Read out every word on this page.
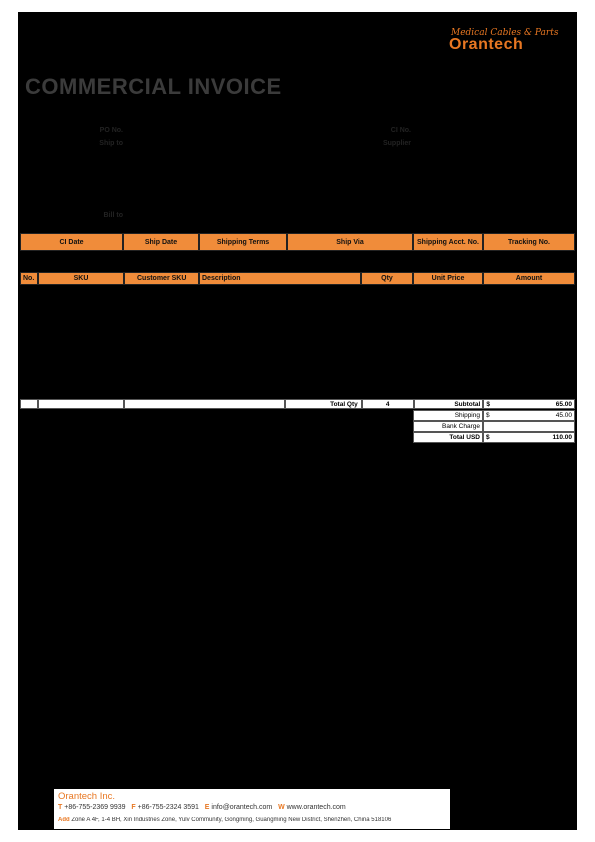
Medical Cables & Parts
Orantech
COMMERCIAL INVOICE
PO No.
Ship to
CI No.
Supplier
Bill to
CI Date	Ship Date	Shipping Terms	Ship Via	Shipping Acct. No.	Tracking No.
No.	SKU	Customer SKU	Description	Qty	Unit Price	Amount
Total Qty	4	Subtotal $	65.00
Shipping $	45.00
Bank Charge
Total USD $	110.00
Orantech Inc.
T +86-755-2369 9939 F +86-755-2324 3591 E info@orantech.com W www.orantech.com
Add Zone A 4F, 1-4 BH, Xin Industries Zone, Yulv Community, Gongming, Guangming New District, Shenzhen, China 518106
